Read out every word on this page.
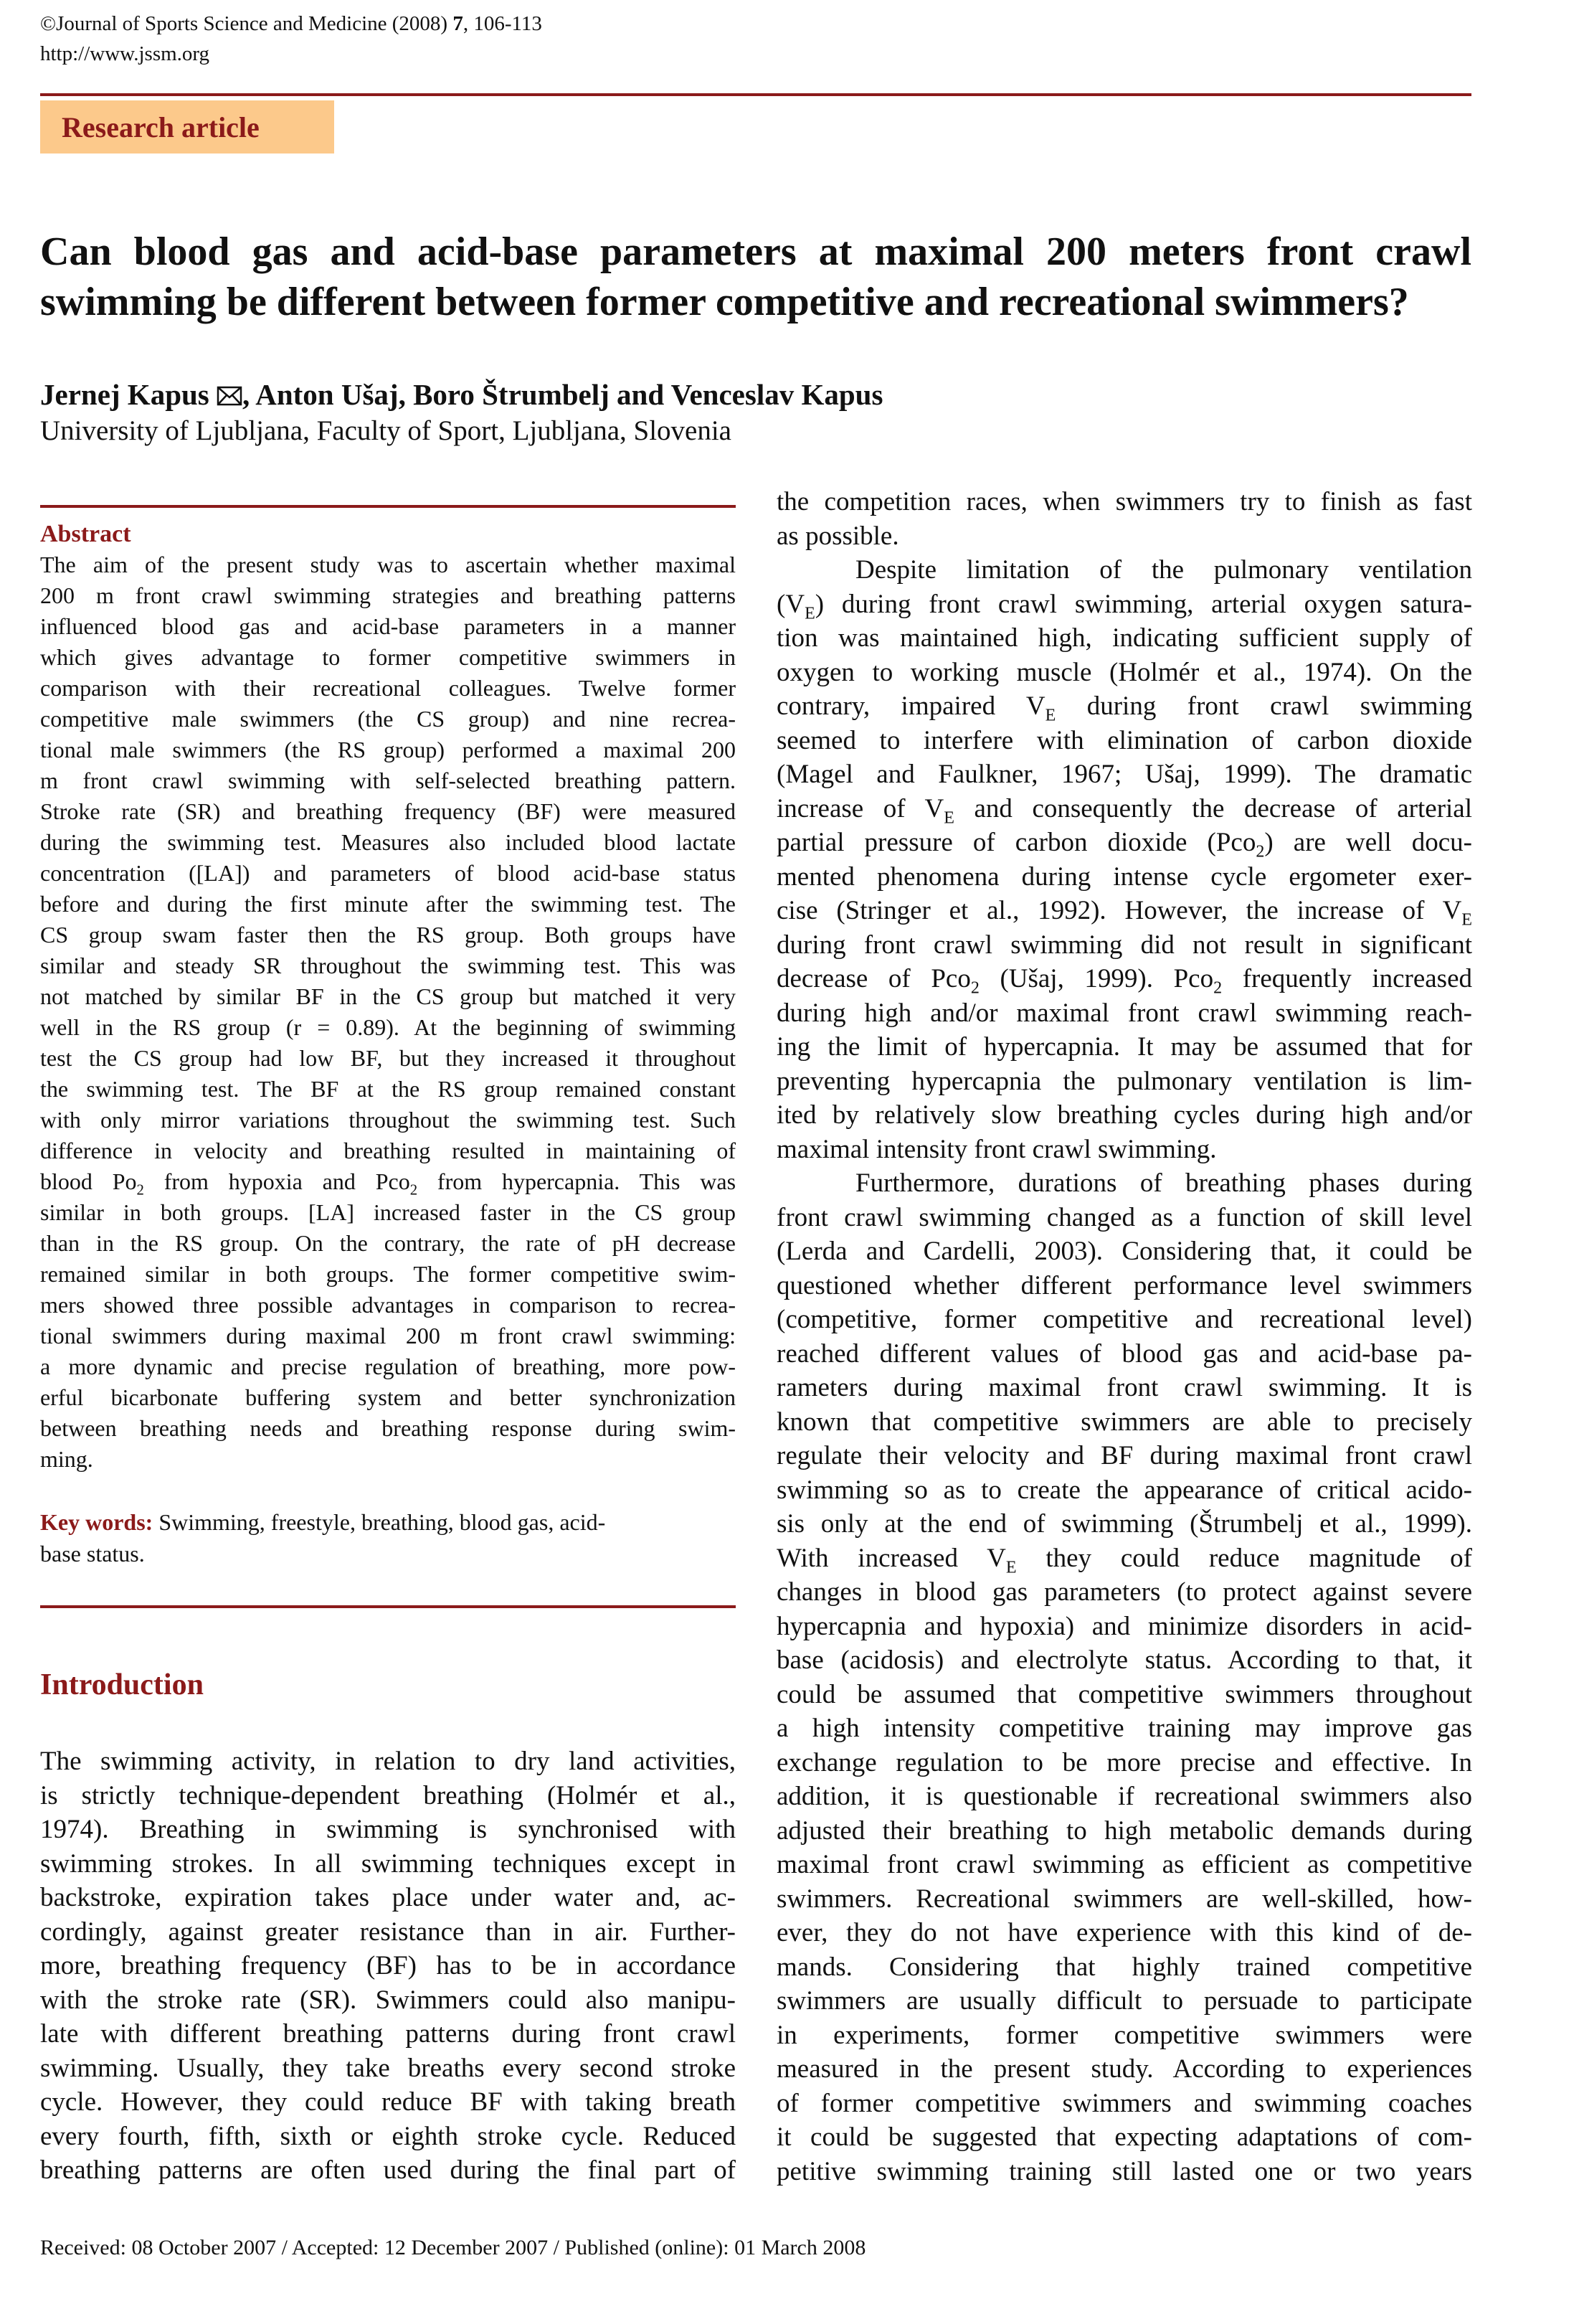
©Journal of Sports Science and Medicine (2008) 7, 106-113
http://www.jssm.org
Research article
Can blood gas and acid-base parameters at maximal 200 meters front crawl
swimming be different between former competitive and recreational swimmers?
Jernej Kapus , Anton Ušaj, Boro Štrumbelj and Venceslav Kapus
University of Ljubljana, Faculty of Sport, Ljubljana, Slovenia
Abstract
The aim of the present study was to ascertain whether maximal
200 m front crawl swimming strategies and breathing patterns
influenced blood gas and acid-base parameters in a manner
which gives advantage to former competitive swimmers in
comparison with their recreational colleagues. Twelve former
competitive male swimmers (the CS group) and nine recrea-
tional male swimmers (the RS group) performed a maximal 200
m front crawl swimming with self-selected breathing pattern.
Stroke rate (SR) and breathing frequency (BF) were measured
during the swimming test. Measures also included blood lactate
concentration ([LA]) and parameters of blood acid-base status
before and during the first minute after the swimming test. The
CS group swam faster then the RS group. Both groups have
similar and steady SR throughout the swimming test. This was
not matched by similar BF in the CS group but matched it very
well in the RS group (r = 0.89). At the beginning of swimming
test the CS group had low BF, but they increased it throughout
the swimming test. The BF at the RS group remained constant
with only mirror variations throughout the swimming test. Such
difference in velocity and breathing resulted in maintaining of
blood $Po_2$ from hypoxia and Pco$_2$ from hypercapnia. This was
similar in both groups. [LA] increased faster in the CS group
than in the RS group. On the contrary, the rate of pH decrease
remained similar in both groups. The former competitive swim-
mers showed three possible advantages in comparison to recrea-
tional swimmers during maximal 200 m front crawl swimming:
a more dynamic and precise regulation of breathing, more pow-
erful bicarbonate buffering system and better synchronization
between breathing needs and breathing response during swim-
ming.
Key words: Swimming, freestyle, breathing, blood gas, acid-
base status.
Introduction
The swimming activity, in relation to dry land activities,
is strictly technique-dependent breathing (Holmér et al.,
1974). Breathing in swimming is synchronised with
swimming strokes. In all swimming techniques except in
backstroke, expiration takes place under water and, ac-
cordingly, against greater resistance than in air. Further-
more, breathing frequency (BF) has to be in accordance
with the stroke rate (SR). Swimmers could also manipu-
late with different breathing patterns during front crawl
swimming. Usually, they take breaths every second stroke
cycle. However, they could reduce BF with taking breath
every fourth, fifth, sixth or eighth stroke cycle. Reduced
breathing patterns are often used during the final part of
the competition races, when swimmers try to finish as fast
as possible.
Despite limitation of the pulmonary ventilation
$(V_E)$ during front crawl swimming, arterial oxygen satura-
tion was maintained high, indicating sufficient supply of
oxygen to working muscle (Holmér et al., 1974). On the
contrary, impaired $V_E$ during front crawl swimming
seemed to interfere with elimination of carbon dioxide
(Magel and Faulkner, 1967; Ušaj, 1999). The dramatic
increase of $V_E$ and consequently the decrease of arterial
partial pressure of carbon dioxide (Pco$_2$) are well docu-
mented phenomena during intense cycle ergometer exer-
cise (Stringer et al., 1992). However, the increase of $V_E$
during front crawl swimming did not result in significant
decrease of Pco$_2$ (Ušaj, 1999). Pco$_2$ frequently increased
during high and/or maximal front crawl swimming reach-
ing the limit of hypercapnia. It may be assumed that for
preventing hypercapnia the pulmonary ventilation is lim-
ited by relatively slow breathing cycles during high and/or
maximal intensity front crawl swimming.
Furthermore, durations of breathing phases during
front crawl swimming changed as a function of skill level
(Lerda and Cardelli, 2003). Considering that, it could be
questioned whether different performance level swimmers
(competitive, former competitive and recreational level)
reached different values of blood gas and acid-base pa-
rameters during maximal front crawl swimming. It is
known that competitive swimmers are able to precisely
regulate their velocity and BF during maximal front crawl
swimming so as to create the appearance of critical acido-
sis only at the end of swimming (Štrumbelj et al., 1999).
With increased $V_E$ they could reduce magnitude of
changes in blood gas parameters (to protect against severe
hypercapnia and hypoxia) and minimize disorders in acid-
base (acidosis) and electrolyte status. According to that, it
could be assumed that competitive swimmers throughout
a high intensity competitive training may improve gas
exchange regulation to be more precise and effective. In
addition, it is questionable if recreational swimmers also
adjusted their breathing to high metabolic demands during
maximal front crawl swimming as efficient as competitive
swimmers. Recreational swimmers are well-skilled, how-
ever, they do not have experience with this kind of de-
mands. Considering that highly trained competitive
swimmers are usually difficult to persuade to participate
in experiments, former competitive swimmers were
measured in the present study. According to experiences
of former competitive swimmers and swimming coaches
it could be suggested that expecting adaptations of com-
petitive swimming training still lasted one or two years
Received: 08 October 2007 / Accepted: 12 December 2007 / Published (online): 01 March 2008
